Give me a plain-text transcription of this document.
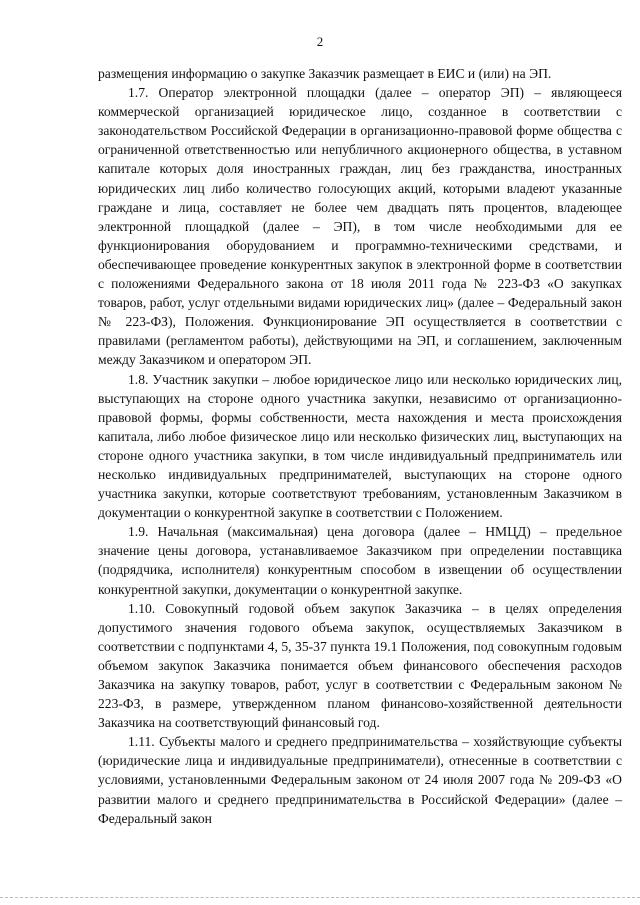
2

размещения информацию о закупке Заказчик размещает в ЕИС и (или) на ЭП.

1.7. Оператор электронной площадки (далее – оператор ЭП) – являющееся коммерческой организацией юридическое лицо, созданное в соответствии с законодательством Российской Федерации в организационно-правовой форме общества с ограниченной ответственностью или непубличного акционерного общества, в уставном капитале которых доля иностранных граждан, лиц без гражданства, иностранных юридических лиц либо количество голосующих акций, которыми владеют указанные граждане и лица, составляет не более чем двадцать пять процентов, владеющее электронной площадкой (далее – ЭП), в том числе необходимыми для ее функционирования оборудованием и программно-техническими средствами, и обеспечивающее проведение конкурентных закупок в электронной форме в соответствии с положениями Федерального закона от 18 июля 2011 года № 223-ФЗ «О закупках товаров, работ, услуг отдельными видами юридических лиц» (далее – Федеральный закон № 223-ФЗ), Положения. Функционирование ЭП осуществляется в соответствии с правилами (регламентом работы), действующими на ЭП, и соглашением, заключенным между Заказчиком и оператором ЭП.

1.8. Участник закупки – любое юридическое лицо или несколько юридических лиц, выступающих на стороне одного участника закупки, независимо от организационно-правовой формы, формы собственности, места нахождения и места происхождения капитала, либо любое физическое лицо или несколько физических лиц, выступающих на стороне одного участника закупки, в том числе индивидуальный предприниматель или несколько индивидуальных предпринимателей, выступающих на стороне одного участника закупки, которые соответствуют требованиям, установленным Заказчиком в документации о конкурентной закупке в соответствии с Положением.

1.9. Начальная (максимальная) цена договора (далее – НМЦД) – предельное значение цены договора, устанавливаемое Заказчиком при определении поставщика (подрядчика, исполнителя) конкурентным способом в извещении об осуществлении конкурентной закупки, документации о конкурентной закупке.

1.10. Совокупный годовой объем закупок Заказчика – в целях определения допустимого значения годового объема закупок, осуществляемых Заказчиком в соответствии с подпунктами 4, 5, 35-37 пункта 19.1 Положения, под совокупным годовым объемом закупок Заказчика понимается объем финансового обеспечения расходов Заказчика на закупку товаров, работ, услуг в соответствии с Федеральным законом № 223-ФЗ, в размере, утвержденном планом финансово-хозяйственной деятельности Заказчика на соответствующий финансовый год.

1.11. Субъекты малого и среднего предпринимательства – хозяйствующие субъекты (юридические лица и индивидуальные предприниматели), отнесенные в соответствии с условиями, установленными Федеральным законом от 24 июля 2007 года № 209-ФЗ «О развитии малого и среднего предпринимательства в Российской Федерации» (далее – Федеральный закон
